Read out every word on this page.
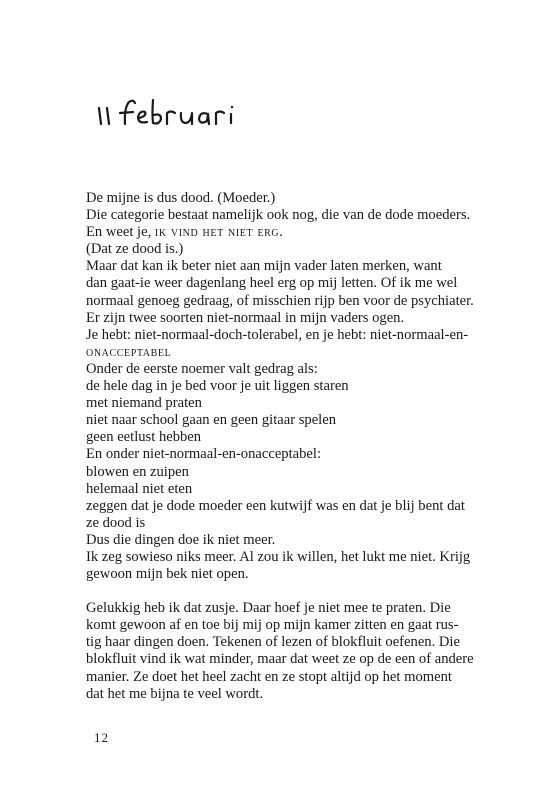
De mijne is dus dood. (Moeder.)
Die categorie bestaat namelijk ook nog, die van de dode moeders.
En weet je, ik vind het niet erg.
(Dat ze dood is.)
Maar dat kan ik beter niet aan mijn vader laten merken, want
dan gaat-ie weer dagenlang heel erg op mij letten. Of ik me wel
normaal genoeg gedraag, of misschien rijp ben voor de psychiater.
Er zijn twee soorten niet-normaal in mijn vaders ogen.
Je hebt: niet-normaal-doch-tolerabel, en je hebt: niet-normaal-en-
onacceptabel
Onder de eerste noemer valt gedrag als:
de hele dag in je bed voor je uit liggen staren
met niemand praten
niet naar school gaan en geen gitaar spelen
geen eetlust hebben
En onder niet-normaal-en-onacceptabel:
blowen en zuipen
helemaal niet eten
zeggen dat je dode moeder een kutwijf was en dat je blij bent dat
ze dood is
Dus die dingen doe ik niet meer.
Ik zeg sowieso niks meer. Al zou ik willen, het lukt me niet. Krijg
gewoon mijn bek niet open.
Gelukkig heb ik dat zusje. Daar hoef je niet mee te praten. Die
komt gewoon af en toe bij mij op mijn kamer zitten en gaat rus-
tig haar dingen doen. Tekenen of lezen of blokfluit oefenen. Die
blokfluit vind ik wat minder, maar dat weet ze op de een of andere
manier. Ze doet het heel zacht en ze stopt altijd op het moment
dat het me bijna te veel wordt.
12
